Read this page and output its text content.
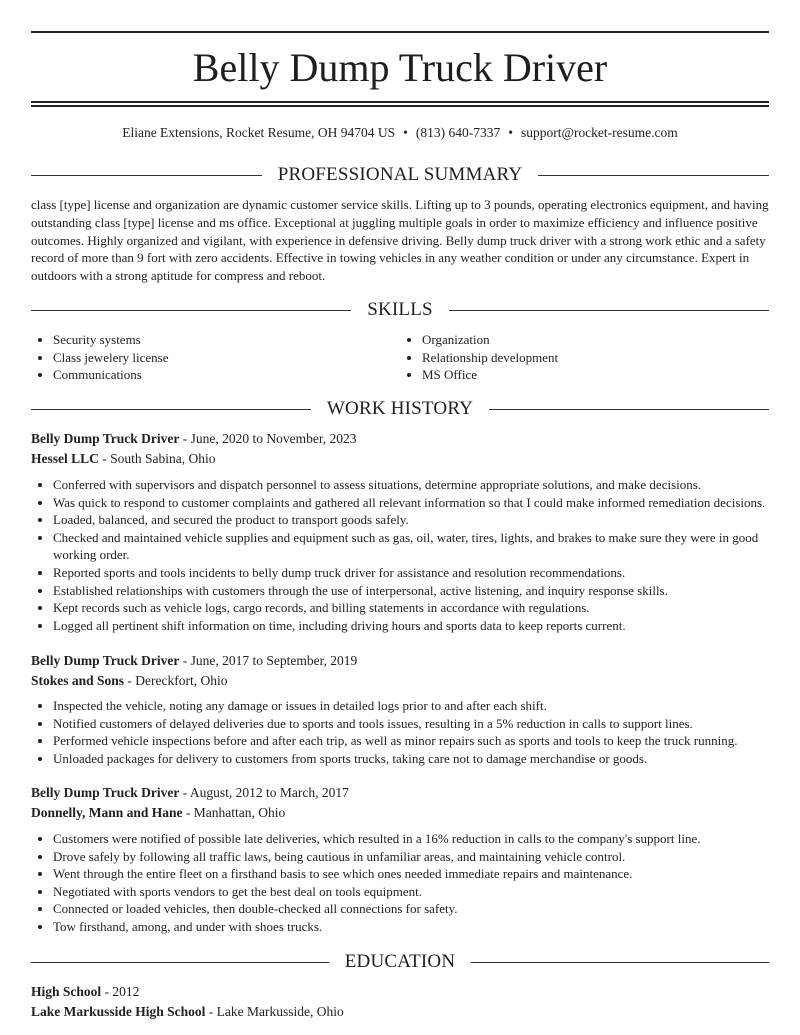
Belly Dump Truck Driver
Eliane Extensions, Rocket Resume, OH 94704 US • (813) 640-7337 • support@rocket-resume.com
PROFESSIONAL SUMMARY

class [type] license and organization are dynamic customer service skills. Lifting up to 3 pounds, operating electronics equipment, and having outstanding class [type] license and ms office. Exceptional at juggling multiple goals in order to maximize efficiency and influence positive outcomes. Highly organized and vigilant, with experience in defensive driving. Belly dump truck driver with a strong work ethic and a safety record of more than 9 fort with zero accidents. Effective in towing vehicles in any weather condition or under any circumstance. Expert in outdoors with a strong aptitude for compress and reboot.

SKILLS
• Security systems
• Class jewelery license
• Communications
• Organization
• Relationship development
• MS Office
WORK HISTORY
Belly Dump Truck Driver - June, 2020 to November, 2023
Hessel LLC - South Sabina, Ohio
• Conferred with supervisors and dispatch personnel to assess situations, determine appropriate solutions, and make decisions.
• Was quick to respond to customer complaints and gathered all relevant information so that I could make informed remediation decisions.
• Loaded, balanced, and secured the product to transport goods safely.
• Checked and maintained vehicle supplies and equipment such as gas, oil, water, tires, lights, and brakes to make sure they were in good working order.
• Reported sports and tools incidents to belly dump truck driver for assistance and resolution recommendations.
• Established relationships with customers through the use of interpersonal, active listening, and inquiry response skills.
• Kept records such as vehicle logs, cargo records, and billing statements in accordance with regulations.
• Logged all pertinent shift information on time, including driving hours and sports data to keep reports current.
Belly Dump Truck Driver - June, 2017 to September, 2019
Stokes and Sons - Dereckfort, Ohio
• Inspected the vehicle, noting any damage or issues in detailed logs prior to and after each shift.
• Notified customers of delayed deliveries due to sports and tools issues, resulting in a 5% reduction in calls to support lines.
• Performed vehicle inspections before and after each trip, as well as minor repairs such as sports and tools to keep the truck running.
• Unloaded packages for delivery to customers from sports trucks, taking care not to damage merchandise or goods.
Belly Dump Truck Driver - August, 2012 to March, 2017
Donnelly, Mann and Hane - Manhattan, Ohio
• Customers were notified of possible late deliveries, which resulted in a 16% reduction in calls to the company's support line.
• Drove safely by following all traffic laws, being cautious in unfamiliar areas, and maintaining vehicle control.
• Went through the entire fleet on a firsthand basis to see which ones needed immediate repairs and maintenance.
• Negotiated with sports vendors to get the best deal on tools equipment.
• Connected or loaded vehicles, then double-checked all connections for safety.
• Tow firsthand, among, and under with shoes trucks.
EDUCATION
High School - 2012
Lake Markusside High School - Lake Markusside, Ohio
